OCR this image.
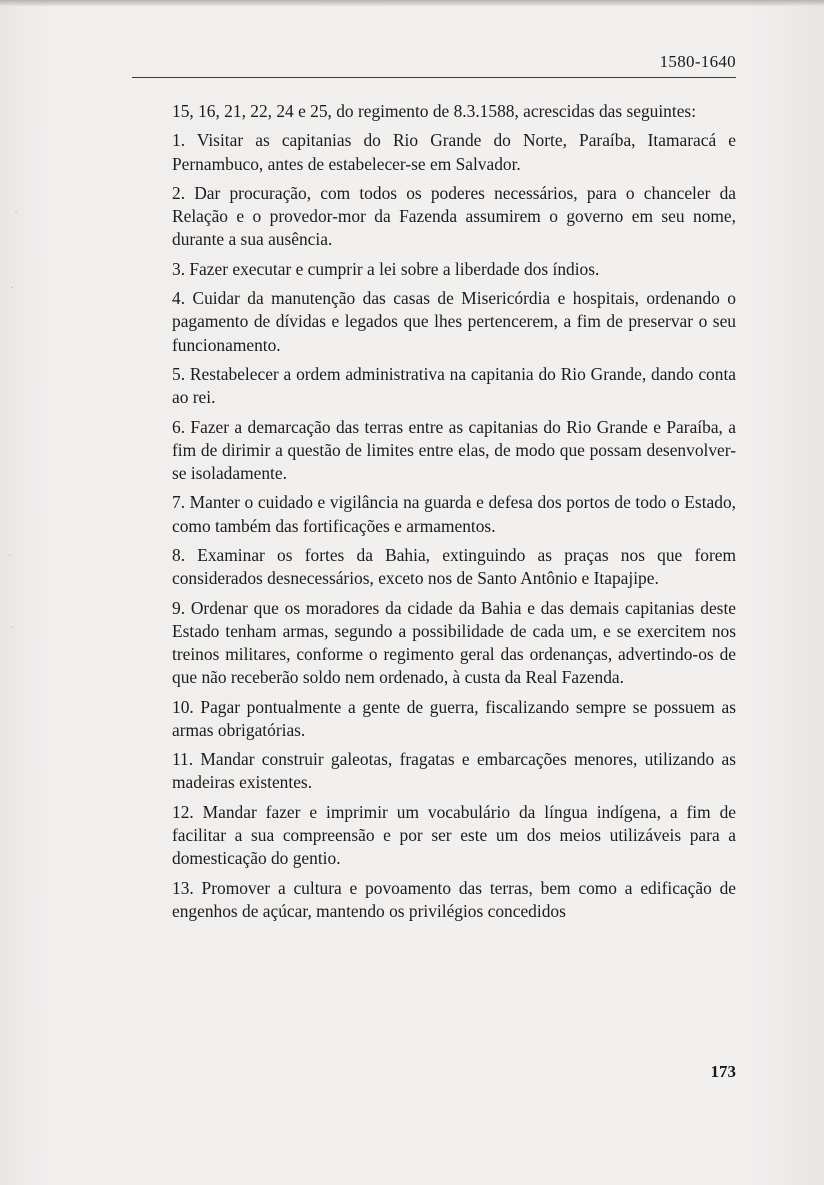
1580-1640
·
·
·
·

15, 16, 21, 22, 24 e 25, do regimento de 8.3.1588, acrescidas das seguintes:

1. Visitar as capitanias do Rio Grande do Norte, Paraíba, Itamaracá e Pernambuco, antes de estabelecer-se em Salvador.

2. Dar procuração, com todos os poderes necessários, para o chanceler da Relação e o provedor-mor da Fazenda assumirem o governo em seu nome, durante a sua ausência.

3. Fazer executar e cumprir a lei sobre a liberdade dos índios.

4. Cuidar da manutenção das casas de Misericórdia e hospitais, ordenando o pagamento de dívidas e legados que lhes pertencerem, a fim de preservar o seu funcionamento.

5. Restabelecer a ordem administrativa na capitania do Rio Grande, dando conta ao rei.

6. Fazer a demarcação das terras entre as capitanias do Rio Grande e Paraíba, a fim de dirimir a questão de limites entre elas, de modo que possam desenvolver-se isoladamente.

7. Manter o cuidado e vigilância na guarda e defesa dos portos de todo o Estado, como também das fortificações e armamentos.

8. Examinar os fortes da Bahia, extinguindo as praças nos que forem considerados desnecessários, exceto nos de Santo Antônio e Itapajipe.

9. Ordenar que os moradores da cidade da Bahia e das demais capitanias deste Estado tenham armas, segundo a possibilidade de cada um, e se exercitem nos treinos militares, conforme o regimento geral das ordenanças, advertindo-os de que não receberão soldo nem ordenado, à custa da Real Fazenda.

10. Pagar pontualmente a gente de guerra, fiscalizando sempre se possuem as armas obrigatórias.

11. Mandar construir galeotas, fragatas e embarcações menores, utilizando as madeiras existentes.

12. Mandar fazer e imprimir um vocabulário da língua indígena, a fim de facilitar a sua compreensão e por ser este um dos meios utilizáveis para a domesticação do gentio.

13. Promover a cultura e povoamento das terras, bem como a edificação de engenhos de açúcar, mantendo os privilégios concedidos

173
